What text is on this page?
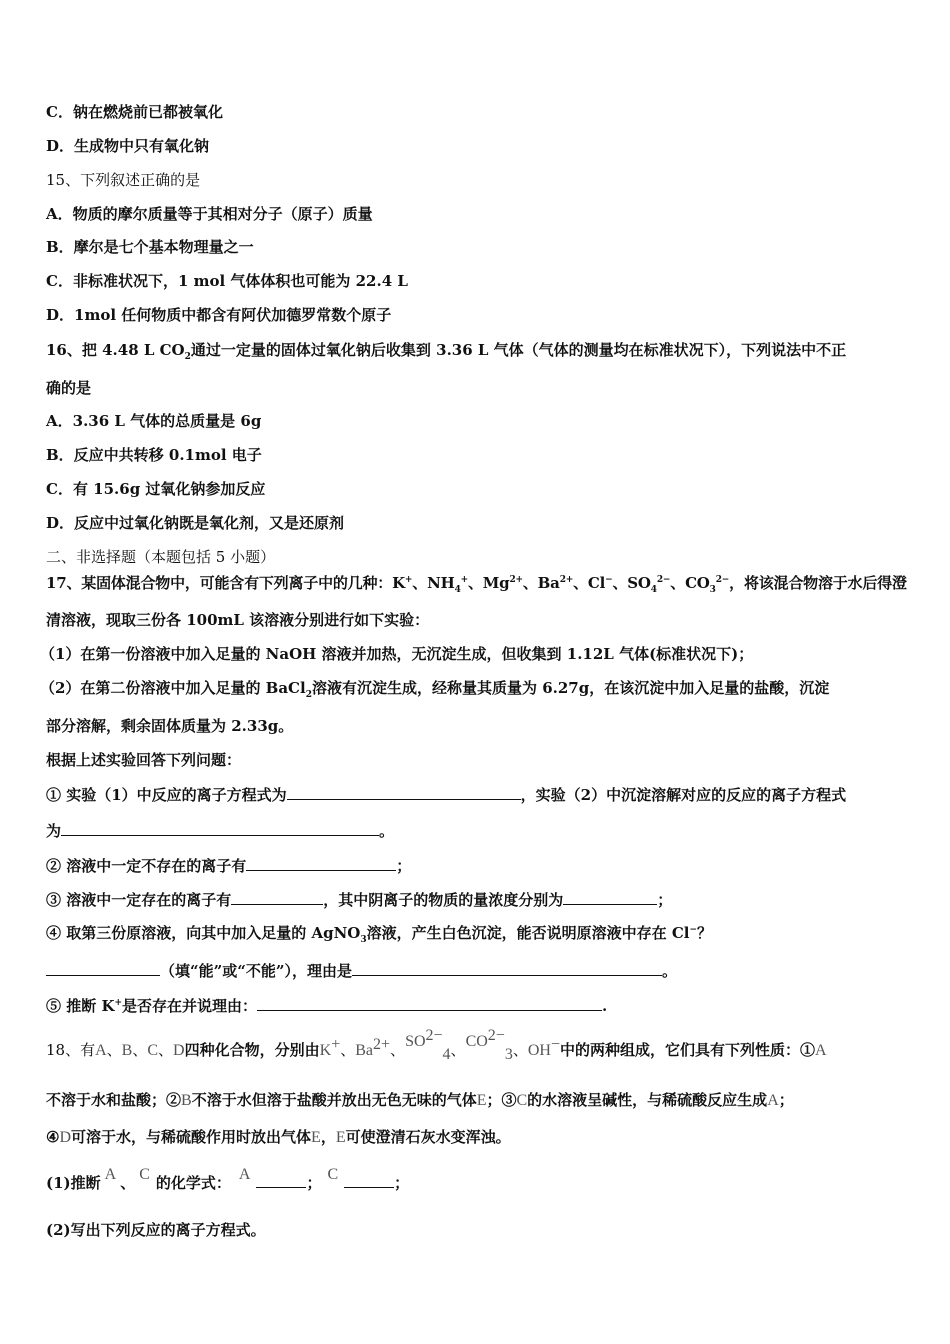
C．钠在燃烧前已都被氧化
D．生成物中只有氧化钠
15、下列叙述正确的是
A．物质的摩尔质量等于其相对分子（原子）质量
B．摩尔是七个基本物理量之一
C．非标准状况下，1 mol 气体体积也可能为 22.4 L
D．1mol 任何物质中都含有阿伏加德罗常数个原子
16、把 4.48 L $CO_2$通过一定量的固体过氧化钠后收集到 3.36 L 气体（气体的测量均在标准状况下），下列说法中不正
确的是
A．3.36 L 气体的总质量是 6g
B．反应中共转移 0.1mol 电子
C．有 15.6g 过氧化钠参加反应
D．反应中过氧化钠既是氧化剂，又是还原剂
二、非选择题（本题包括 5 小题）
17、某固体混合物中，可能含有下列离子中的几种：K+、$NH_4^+$、$Mg^{2+}$、$Ba^{2+}$、Cl−、$SO_4^{2-}$、$CO_3^{2-}$，将该混合物溶于水后得澄
清溶液，现取三份各 100mL 该溶液分别进行如下实验：
（1）在第一份溶液中加入足量的 NaOH 溶液并加热，无沉淀生成，但收集到 1.12L 气体(标准状况下)；
（2）在第二份溶液中加入足量的 BaCl$_2$溶液有沉淀生成，经称量其质量为 6.27g，在该沉淀中加入足量的盐酸，沉淀
部分溶解，剩余固体质量为 2.33g。
根据上述实验回答下列问题：
① 实验（1）中反应的离子方程式为	，实验（2）中沉淀溶解对应的反应的离子方程式
为	。
② 溶液中一定不存在的离子有	；
③ 溶液中一定存在的离子有	，其中阴离子的物质的量浓度分别为	；
④ 取第三份原溶液，向其中加入足量的 AgNO$_3$溶液，产生白色沉淀，能否说明原溶液中存在 Cl−？
（填“能”或“不能”），理由是	。
⑤ 推断 K+是否存在并说理由：	.
18、有A、B、C、D四种化合物，分别由K+、Ba2+、SO2−4、CO2−3、OH−中的两种组成，它们具有下列性质：①A
不溶于水和盐酸；②B不溶于水但溶于盐酸并放出无色无味的气体E；③C的水溶液呈碱性，与稀硫酸反应生成A；
④D可溶于水，与稀硫酸作用时放出气体E，E可使澄清石灰水变浑浊。
(1)推断 A 、 C 的化学式： A	； C	；
(2)写出下列反应的离子方程式。
